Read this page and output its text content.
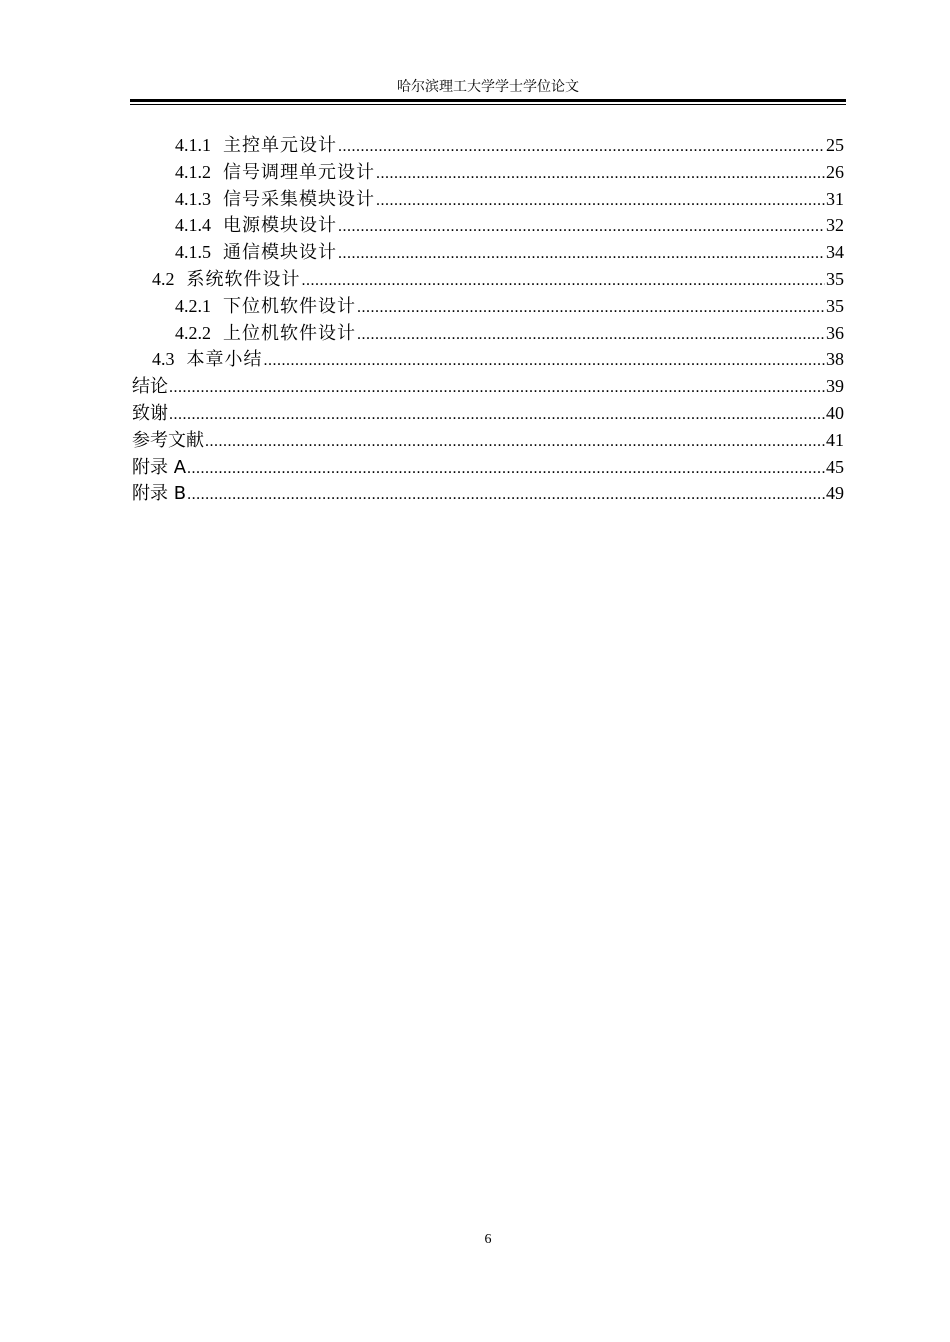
哈尔滨理工大学学士学位论文
4.1.1 主控单元设计 .....	25
4.1.2 信号调理单元设计 .....	26
4.1.3 信号采集模块设计 .....	31
4.1.4 电源模块设计 .....	32
4.1.5 通信模块设计 .....	34
4.2 系统软件设计 .....	35
4.2.1 下位机软件设计 .....	35
4.2.2 上位机软件设计 .....	36
4.3 本章小结 .....	38
结论 .....	39
致谢 .....	40
参考文献 .....	41
附录 A .....	45
附录 B .....	49
6
